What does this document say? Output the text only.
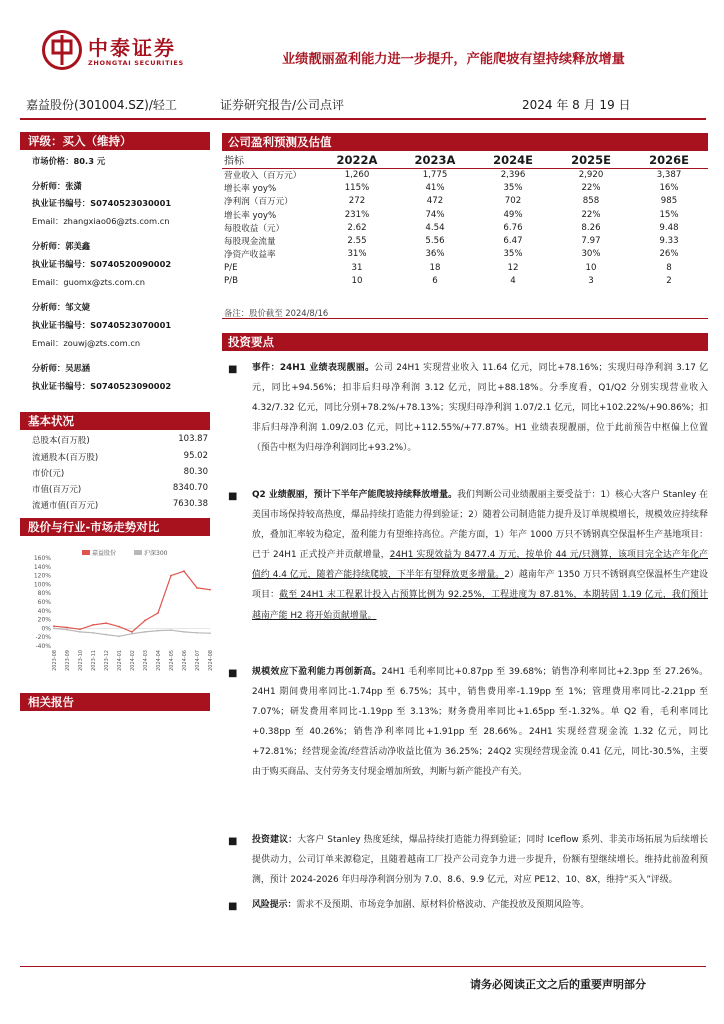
中泰证券
ZHONGTAI SECURITIES	业绩靓丽盈利能力进一步提升，产能爬坡有望持续释放增量
嘉益股份(301004.SZ)/轻工	证券研究报告/公司点评	2024 年 8 月 19 日
评级：买入（维持）
市场价格：80.3 元
分析师：张潇
执业证书编号：S0740523030001
Email：zhangxiao06@zts.com.cn
分析师：郭美鑫
执业证书编号：S0740520090002
Email：guomx@zts.com.cn
分析师：邹文婕
执业证书编号：S0740523070001
Email：zouwj@zts.com.cn
分析师：吴思涵
执业证书编号：S0740523090002
基本状况
总股本(百万股)	103.87
流通股本(百万股)	95.02
市价(元)	80.30
市值(百万元)	8340.70
流通市值(百万元)	7630.38
股价与行业-市场走势对比
160%
140%
120%
100%
80%
60%
40%
20%
0%
-20%
-40%
2023-08 2023-09 2023-10 2023-11 2023-12 2024-01 2024-02 2024-03 2024-04 2024-05 2024-06 2024-07 2024-08
嘉益股份	沪深300
相关报告
公司盈利预测及估值
指标	2022A	2023A	2024E	2025E	2026E
营业收入（百万元）	1,260	1,775	2,396	2,920	3,387
增长率 yoy%	115%	41%	35%	22%	16%
净利润（百万元）	272	472	702	858	985
增长率 yoy%	231%	74%	49%	22%	15%
每股收益（元）	2.62	4.54	6.76	8.26	9.48
每股现金流量	2.55	5.56	6.47	7.97	9.33
净资产收益率	31%	36%	35%	30%	26%
P/E	31	18	12	10	8
P/B	10	6	4	3	2
备注：股价截至 2024/8/16
投资要点
■ 事件：24H1 业绩表现靓丽。公司 24H1 实现营业收入 11.64 亿元，同比+78.16%；实现归母净利润 3.17 亿元，同比+94.56%；扣非后归母净利润 3.12 亿元，同比+88.18%。分季度看，Q1/Q2 分别实现营业收入 4.32/7.32 亿元，同比分别+78.2%/+78.13%；实现归母净利润 1.07/2.1 亿元，同比+102.22%/+90.86%；扣非后归母净利润 1.09/2.03 亿元，同比+112.55%/+77.87%。H1 业绩表现靓丽，位于此前预告中枢偏上位置（预告中枢为归母净利润同比+93.2%）。
■ Q2 业绩靓丽，预计下半年产能爬坡持续释放增量。我们判断公司业绩靓丽主要受益于：1）核心大客户 Stanley 在美国市场保持较高热度，爆品持续打造能力得到验证；2）随着公司制造能力提升及订单规模增长，规模效应持续释放，叠加汇率较为稳定，盈利能力有望维持高位。产能方面，1）年产 1000 万只不锈钢真空保温杯生产基地项目：已于 24H1 正式投产并贡献增量，24H1 实现效益为 8477.4 万元，按单价 44 元/只测算，该项目完全达产年化产值约 4.4 亿元，随着产能持续爬坡，下半年有望释放更多增量。2）越南年产 1350 万只不锈钢真空保温杯生产建设项目：截至 24H1 末工程累计投入占预算比例为 92.25%，工程进度为 87.81%，本期转固 1.19 亿元，我们预计越南产能 H2 将开始贡献增量。
■ 规模效应下盈利能力再创新高。24H1 毛利率同比+0.87pp 至 39.68%；销售净利率同比+2.3pp 至 27.26%。24H1 期间费用率同比-1.74pp 至 6.75%；其中，销售费用率-1.19pp 至 1%；管理费用率同比-2.21pp 至 7.07%；研发费用率同比-1.19pp 至 3.13%；财务费用率同比+1.65pp 至-1.32%。单 Q2 看，毛利率同比+0.38pp 至 40.26%；销售净利率同比+1.91pp 至 28.66%。24H1 实现经营现金流 1.32 亿元，同比+72.81%；经营现金流/经营活动净收益比值为 36.25%；24Q2 实现经营现金流 0.41 亿元，同比-30.5%，主要由于购买商品、支付劳务支付现金增加所致，判断与新产能投产有关。
■ 投资建议：大客户 Stanley 热度延续，爆品持续打造能力得到验证；同时 Iceflow 系列、非美市场拓展为后续增长提供动力，公司订单来源稳定，且随着越南工厂投产公司竞争力进一步提升，份额有望继续增长。维持此前盈利预测，预计 2024-2026 年归母净利润分别为 7.0、8.6、9.9 亿元，对应 PE12、10、8X，维持“买入”评级。
■ 风险提示：需求不及预期、市场竞争加剧、原材料价格波动、产能投放及预期风险等。
请务必阅读正文之后的重要声明部分
